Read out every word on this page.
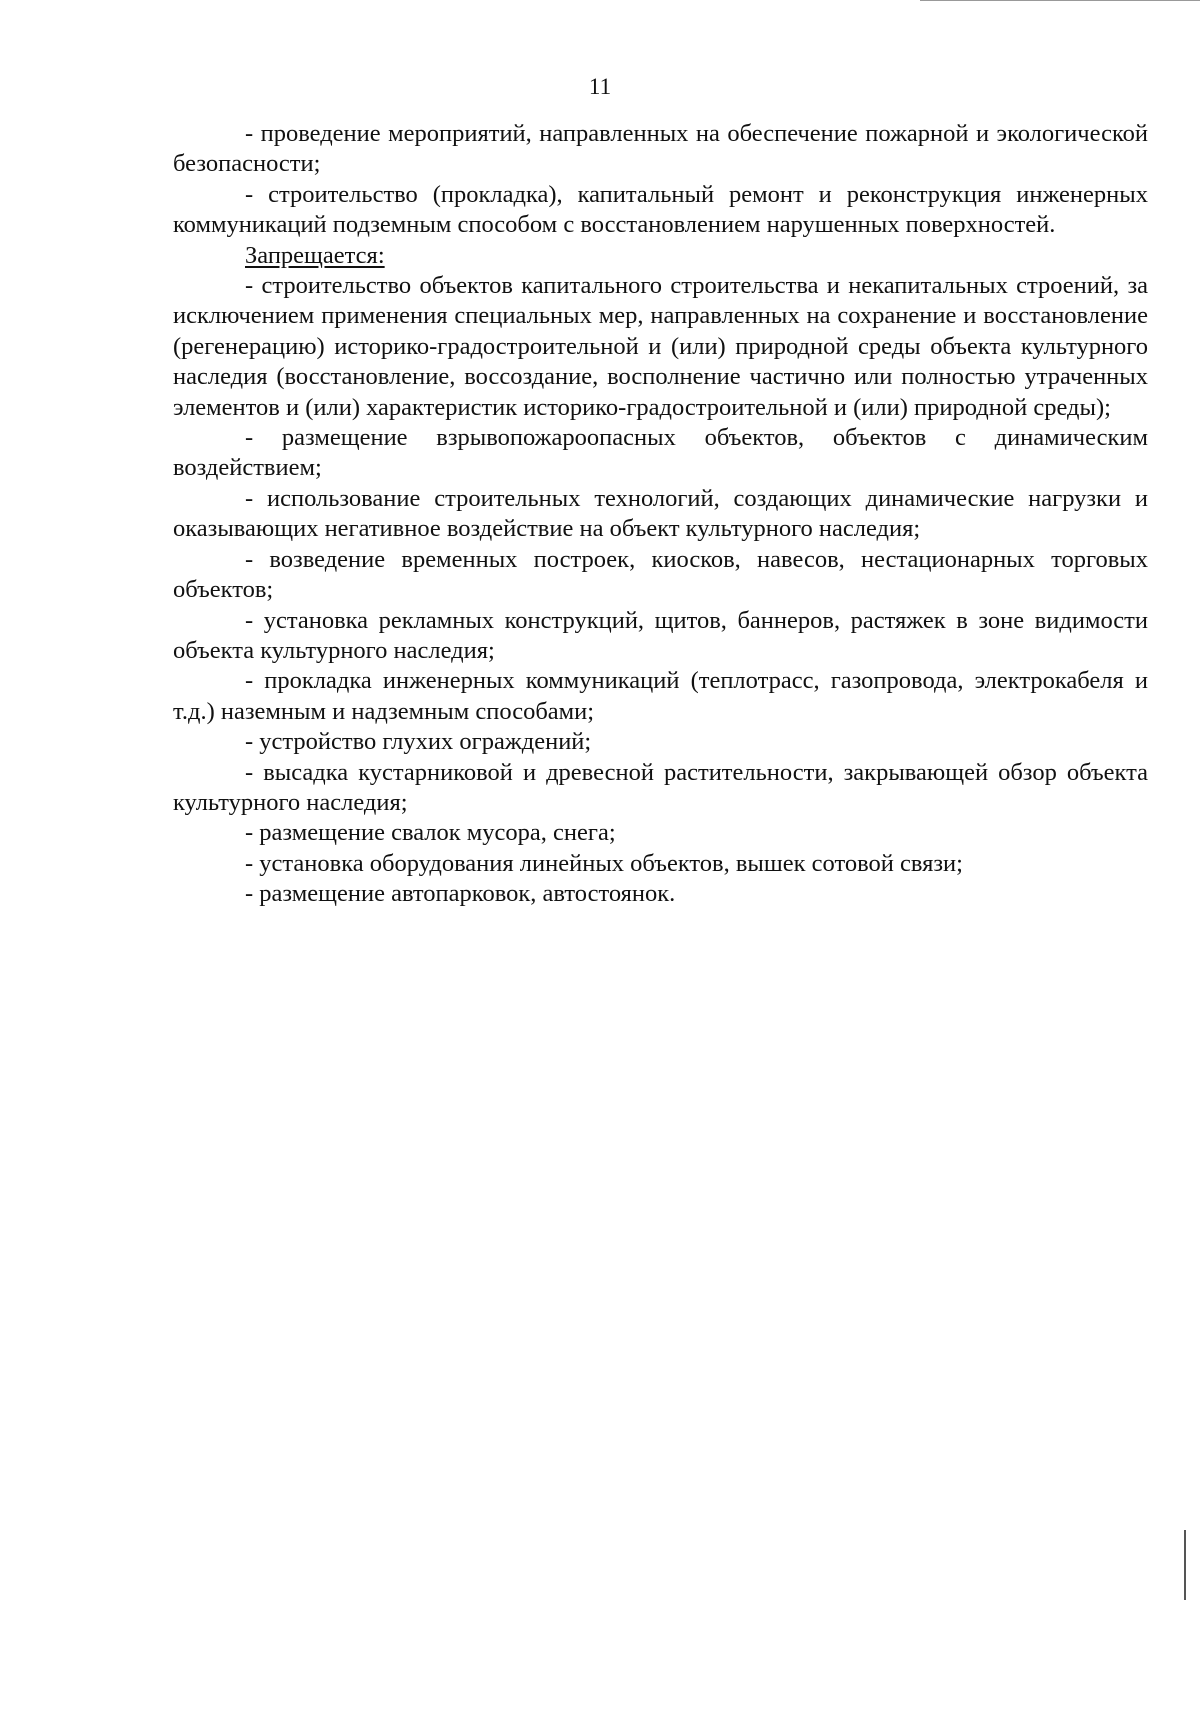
11

- проведение мероприятий, направленных на обеспечение пожарной и экологической безопасности;

- строительство (прокладка), капитальный ремонт и реконструкция инженерных коммуникаций подземным способом с восстановлением нарушенных поверхностей.

Запрещается:

- строительство объектов капитального строительства и некапитальных строений, за исключением применения специальных мер, направленных на сохранение и восстановление (регенерацию) историко-градостроительной и (или) природной среды объекта культурного наследия (восстановление, воссоздание, восполнение частично или полностью утраченных элементов и (или) характеристик историко-градостроительной и (или) природной среды);

- размещение взрывопожароопасных объектов, объектов с динамическим воздействием;

- использование строительных технологий, создающих динамические нагрузки и оказывающих негативное воздействие на объект культурного наследия;

- возведение временных построек, киосков, навесов, нестационарных торговых объектов;

- установка рекламных конструкций, щитов, баннеров, растяжек в зоне видимости объекта культурного наследия;

- прокладка инженерных коммуникаций (теплотрасс, газопровода, электрокабеля и т.д.) наземным и надземным способами;

- устройство глухих ограждений;

- высадка кустарниковой и древесной растительности, закрывающей обзор объекта культурного наследия;

- размещение свалок мусора, снега;

- установка оборудования линейных объектов, вышек сотовой связи;

- размещение автопарковок, автостоянок.
